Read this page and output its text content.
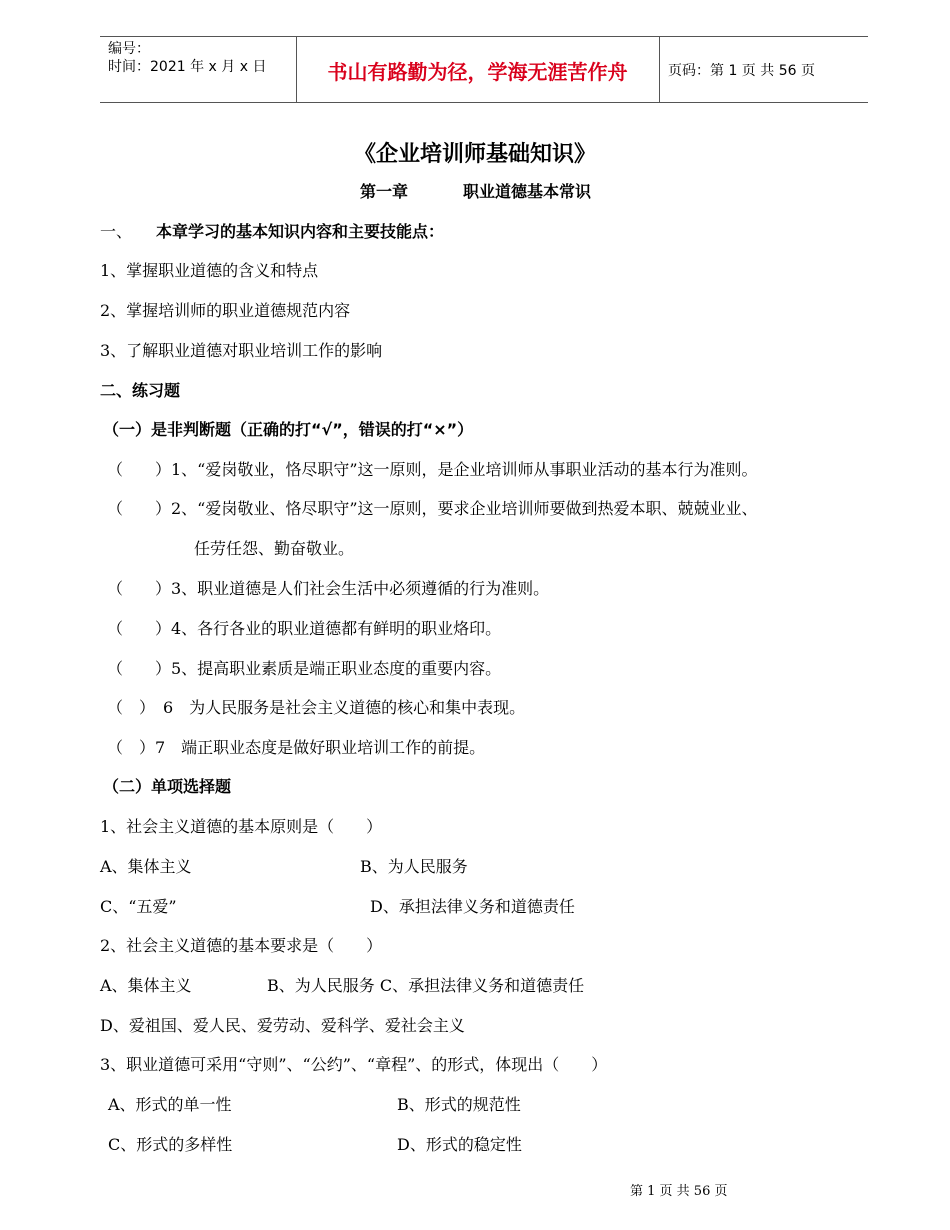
编号：
时间：2021 年 x 月 x 日	书山有路勤为径，学海无涯苦作舟	页码：第 1 页 共 56 页
《企业培训师基础知识》
第一章	职业道德基本常识
一、 本章学习的基本知识内容和主要技能点：
1、掌握职业道德的含义和特点
2、掌握培训师的职业道德规范内容
3、了解职业道德对职业培训工作的影响
二、练习题
（一）是非判断题（正确的打“√”，错误的打“×”）
（　　）1、“爱岗敬业，恪尽职守”这一原则，是企业培训师从事职业活动的基本行为准则。
（　　）2、“爱岗敬业、恪尽职守”这一原则，要求企业培训师要做到热爱本职、兢兢业业、
任劳任怨、勤奋敬业。
（　　）3、职业道德是人们社会生活中必须遵循的行为准则。
（　　）4、各行各业的职业道德都有鲜明的职业烙印。
（　　）5、提高职业素质是端正职业态度的重要内容。
（　）　6　为人民服务是社会主义道德的核心和集中表现。
（　）7　端正职业态度是做好职业培训工作的前提。
（二）单项选择题
1、社会主义道德的基本原则是（　　）
A、集体主义	B、为人民服务
C、“五爱”	D、承担法律义务和道德责任
2、社会主义道德的基本要求是（　　）
A、集体主义	B、为人民服务 C、承担法律义务和道德责任
D、爱祖国、爱人民、爱劳动、爱科学、爱社会主义
3、职业道德可采用“守则”、“公约”、“章程”、的形式，体现出（　　）
A、形式的单一性	B、形式的规范性
C、形式的多样性	D、形式的稳定性
第 1 页 共 56 页
